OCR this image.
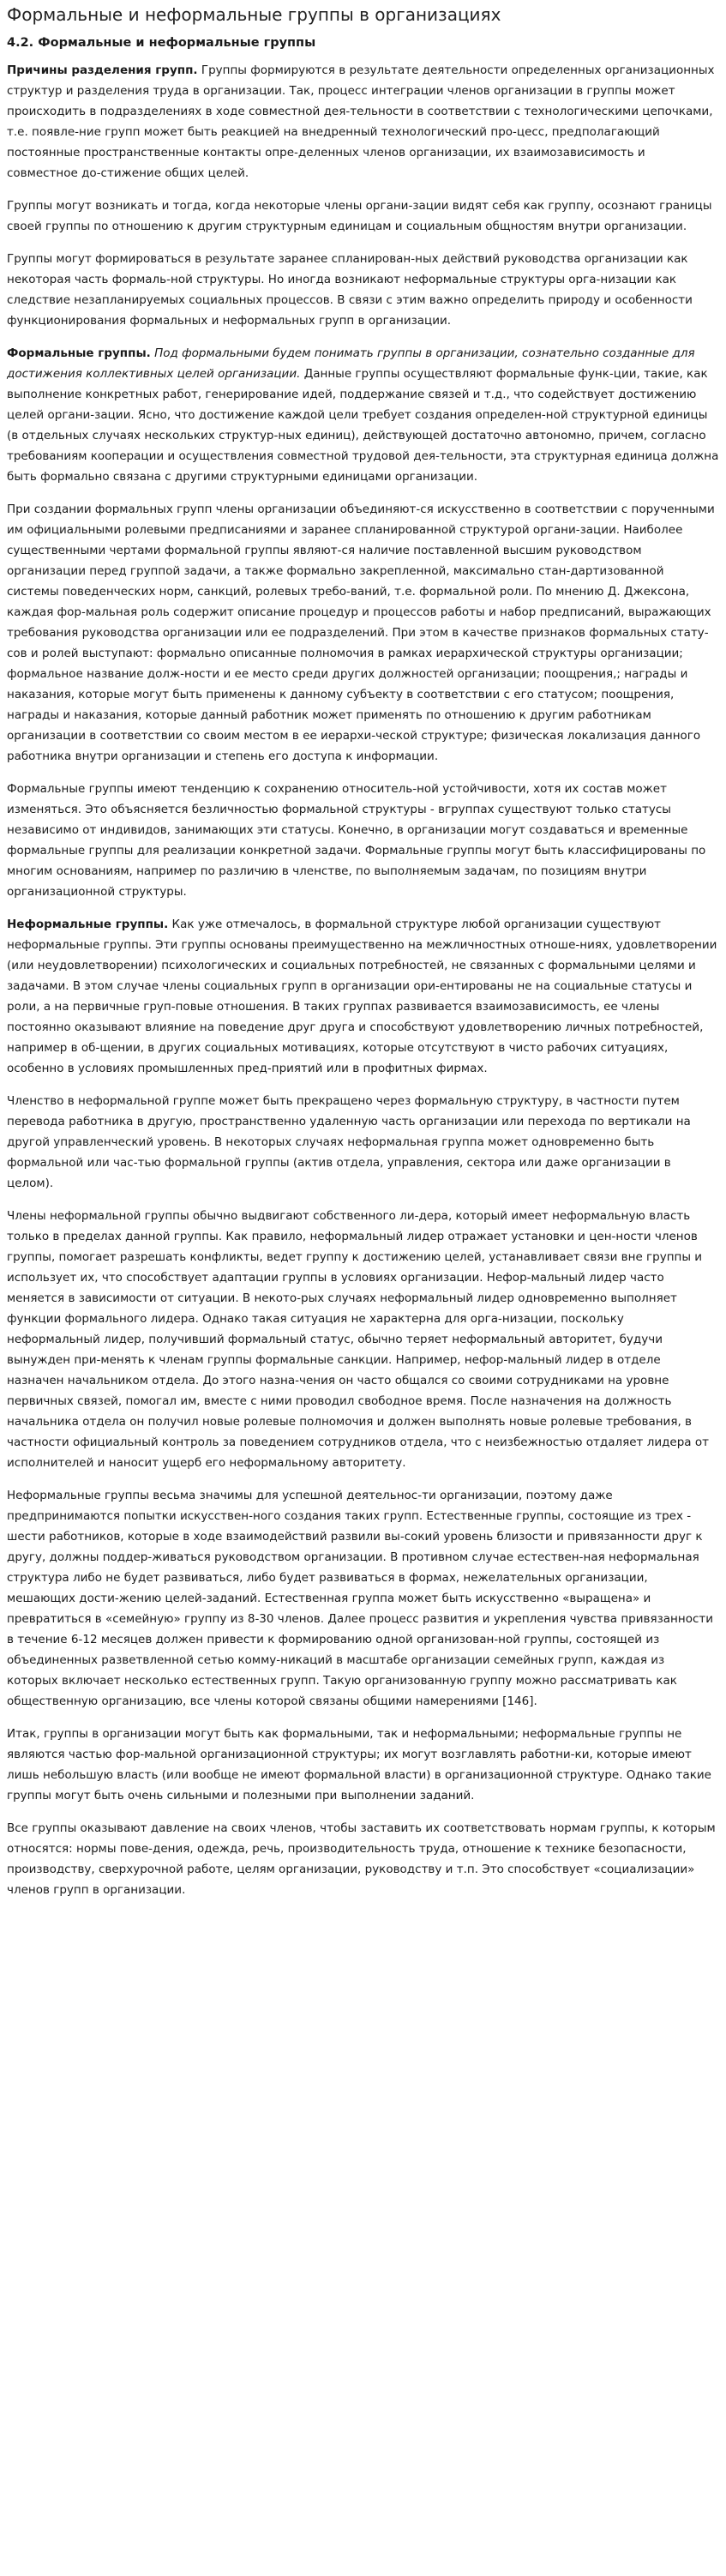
Формальные и неформальные группы в организациях
4.2. Формальные и неформальные группы

Причины разделения групп. Группы формируются в результате деятельности определенных организационных структур и разделения труда в организации. Так, процесс интеграции членов организации в группы может происходить в подразделениях в ходе совместной дея-тельности в соответствии с технологическими цепочками, т.е. появле-ние групп может быть реакцией на внедренный технологический про-цесс, предполагающий постоянные пространственные контакты опре-деленных членов организации, их взаимозависимость и совместное до-стижение общих целей.

Группы могут возникать и тогда, когда некоторые члены органи-зации видят себя как группу, осознают границы своей группы по отношению к другим структурным единицам и социальным общностям внутри организации.

Группы могут формироваться в результате заранее спланирован-ных действий руководства организации как некоторая часть формаль-ной структуры. Но иногда возникают неформальные структуры орга-низации как следствие незапланируемых социальных процессов. В связи с этим важно определить природу и особенности функционирования формальных и неформальных групп в организации.

Формальные группы. Под формальными будем понимать группы в организации, сознательно созданные для достижения коллективных целей организации. Данные группы осуществляют формальные функ-ции, такие, как выполнение конкретных работ, генерирование идей, поддержание связей и т.д., что содействует достижению целей органи-зации. Ясно, что достижение каждой цели требует создания определен-ной структурной единицы (в отдельных случаях нескольких структур-ных единиц), действующей достаточно автономно, причем, согласно требованиям кооперации и осуществления совместной трудовой дея-тельности, эта структурная единица должна быть формально связана с другими структурными единицами организации.

При создании формальных групп члены организации объединяют-ся искусственно в соответствии с порученными им официальными ролевыми предписаниями и заранее спланированной структурой органи-зации. Наиболее существенными чертами формальной группы являют-ся наличие поставленной высшим руководством организации перед группой задачи, а также формально закрепленной, максимально стан-дартизованной системы поведенческих норм, санкций, ролевых требо-ваний, т.е. формальной роли. По мнению Д. Джексона, каждая фор-мальная роль содержит описание процедур и процессов работы и набор предписаний, выражающих требования руководства организации или ее подразделений. При этом в качестве признаков формальных стату-сов и ролей выступают: формально описанные полномочия в рамках иерархической структуры организации; формальное название долж-ности и ее место среди других должностей организации; поощрения,; награды и наказания, которые могут быть применены к данному субъекту в соответствии с его статусом; поощрения, награды и наказания, которые данный работник может применять по отношению к другим работникам организации в соответствии со своим местом в ее иерархи-ческой структуре; физическая локализация данного работника внутри организации и степень его доступа к информации.

Формальные группы имеют тенденцию к сохранению относитель-ной устойчивости, хотя их состав может изменяться. Это объясняется безличностью формальной структуры - вгруппах существуют только статусы независимо от индивидов, занимающих эти статусы. Конечно, в организации могут создаваться и временные формальные группы для реализации конкретной задачи. Формальные группы могут быть классифицированы по многим основаниям, например по различию в членстве, по выполняемым задачам, по позициям внутри организационной структуры.

Неформальные группы. Как уже отмечалось, в формальной структуре любой организации существуют неформальные группы. Эти группы основаны преимущественно на межличностных отноше-ниях, удовлетворении (или неудовлетворении) психологических и социальных потребностей, не связанных с формальными целями и задачами. В этом случае члены социальных групп в организации ори-ентированы не на социальные статусы и роли, а на первичные груп-повые отношения. В таких группах развивается взаимозависимость, ее члены постоянно оказывают влияние на поведение друг друга и способствуют удовлетворению личных потребностей, например в об-щении, в других социальных мотивациях, которые отсутствуют в чисто рабочих ситуациях, особенно в условиях промышленных пред-приятий или в профитных фирмах.

Членство в неформальной группе может быть прекращено через формальную структуру, в частности путем перевода работника в другую, пространственно удаленную часть организации или перехода по вертикали на другой управленческий уровень. В некоторых случаях неформальная группа может одновременно быть формальной или час-тью формальной группы (актив отдела, управления, сектора или даже организации в целом).

Члены неформальной группы обычно выдвигают собственного ли-дера, который имеет неформальную власть только в пределах данной группы. Как правило, неформальный лидер отражает установки и цен-ности членов группы, помогает разрешать конфликты, ведет группу к достижению целей, устанавливает связи вне группы и использует их, что способствует адаптации группы в условиях организации. Нефор-мальный лидер часто меняется в зависимости от ситуации. В некото-рых случаях неформальный лидер одновременно выполняет функции формального лидера. Однако такая ситуация не характерна для орга-низации, поскольку неформальный лидер, получивший формальный статус, обычно теряет неформальный авторитет, будучи вынужден при-менять к членам группы формальные санкции. Например, нефор-мальный лидер в отделе назначен начальником отдела. До этого назна-чения он часто общался со своими сотрудниками на уровне первичных связей, помогал им, вместе с ними проводил свободное время. После назначения на должность начальника отдела он получил новые ролевые полномочия и должен выполнять новые ролевые требования, в частности официальный контроль за поведением сотрудников отдела, что с неизбежностью отдаляет лидера от исполнителей и наносит ущерб его неформальному авторитету.

Неформальные группы весьма значимы для успешной деятельнос-ти организации, поэтому даже предпринимаются попытки искусствен-ного создания таких групп. Естественные группы, состоящие из трех - шести работников, которые в ходе взаимодействий развили вы-сокий уровень близости и привязанности друг к другу, должны поддер-живаться руководством организации. В противном случае естествен-ная неформальная структура либо не будет развиваться, либо будет развиваться в формах, нежелательных организации, мешающих дости-жению целей-заданий. Естественная группа может быть искусственно «выращена» и превратиться в «семейную» группу из 8-30 членов. Далее процесс развития и укрепления чувства привязанности в течение 6-12 месяцев должен привести к формированию одной организован-ной группы, состоящей из объединенных разветвленной сетью комму-никаций в масштабе организации семейных групп, каждая из которых включает несколько естественных групп. Такую организованную группу можно рассматривать как общественную организацию, все члены которой связаны общими намерениями [146].

Итак, группы в организации могут быть как формальными, так и неформальными; неформальные группы не являются частью фор-мальной организационной структуры; их могут возглавлять работни-ки, которые имеют лишь небольшую власть (или вообще не имеют формальной власти) в организационной структуре. Однако такие группы могут быть очень сильными и полезными при выполнении заданий.

Все группы оказывают давление на своих членов, чтобы заставить их соответствовать нормам группы, к которым относятся: нормы пове-дения, одежда, речь, производительность труда, отношение к технике безопасности, производству, сверхурочной работе, целям организации, руководству и т.п. Это способствует «социализации» членов групп в организации.
